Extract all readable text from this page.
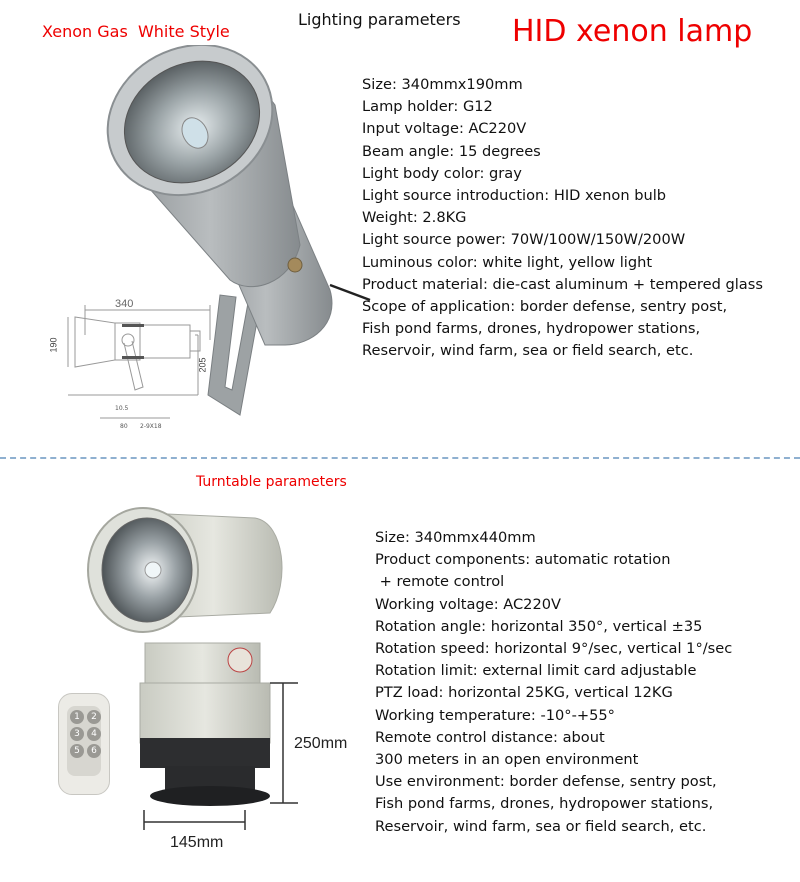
Xenon Gas  White Style
Lighting parameters HID xenon lamp
340
190
205
10.5
80 2-9X18
Size: 340mmx190mm
Lamp holder: G12
Input voltage: AC220V
Beam angle: 15 degrees
Light body color: gray
Light source introduction: HID xenon bulb
Weight: 2.8KG
Light source power: 70W/100W/150W/200W
Luminous color: white light, yellow light
Product material: die-cast aluminum + tempered glass
Scope of application: border defense, sentry post,
Fish pond farms, drones, hydropower stations,
Reservoir, wind farm, sea or field search, etc.
Turntable parameters
1	2
3	4
5	6	250mm
145mm
Size: 340mmx440mm
Product components: automatic rotation
+ remote control
Working voltage: AC220V
Rotation angle: horizontal 350°, vertical ±35
Rotation speed: horizontal 9°/sec, vertical 1°/sec
Rotation limit: external limit card adjustable
PTZ load: horizontal 25KG, vertical 12KG
Working temperature: -10°-+55°
Remote control distance: about
300 meters in an open environment
Use environment: border defense, sentry post,
Fish pond farms, drones, hydropower stations,
Reservoir, wind farm, sea or field search, etc.
